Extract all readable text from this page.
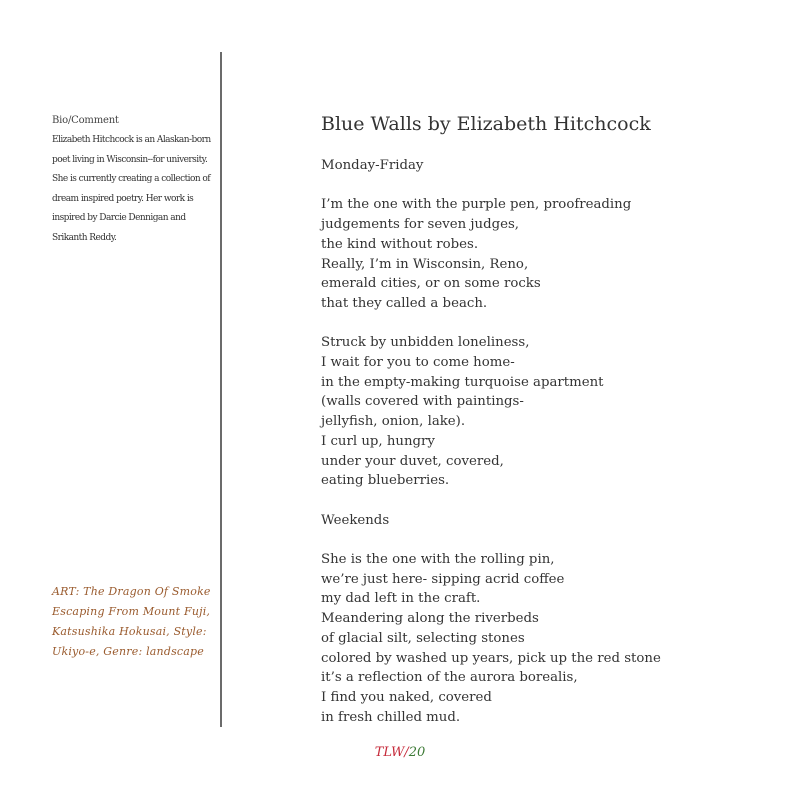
Bio/Comment
Elizabeth Hitchcock is an Alaskan-born
poet living in Wisconsin--for university.
She is currently creating a collection of
dream inspired poetry. Her work is
inspired by Darcie Dennigan and
Srikanth Reddy.
ART: The Dragon Of Smoke
Escaping From Mount Fuji,
Katsushika Hokusai, Style:
Ukiyo-e, Genre: landscape
Blue Walls by Elizabeth Hitchcock
Monday-Friday
I’m the one with the purple pen, proofreading
judgements for seven judges,
the kind without robes.
Really, I’m in Wisconsin, Reno,
emerald cities, or on some rocks
that they called a beach.
Struck by unbidden loneliness,
I wait for you to come home-
in the empty-making turquoise apartment
(walls covered with paintings-
jellyfish, onion, lake).
I curl up, hungry
under your duvet, covered,
eating blueberries.
Weekends
She is the one with the rolling pin,
we’re just here- sipping acrid coffee
my dad left in the craft.
Meandering along the riverbeds
of glacial silt, selecting stones
colored by washed up years, pick up the red stone
it’s a reflection of the aurora borealis,
I find you naked, covered
in fresh chilled mud.
TLW/20
